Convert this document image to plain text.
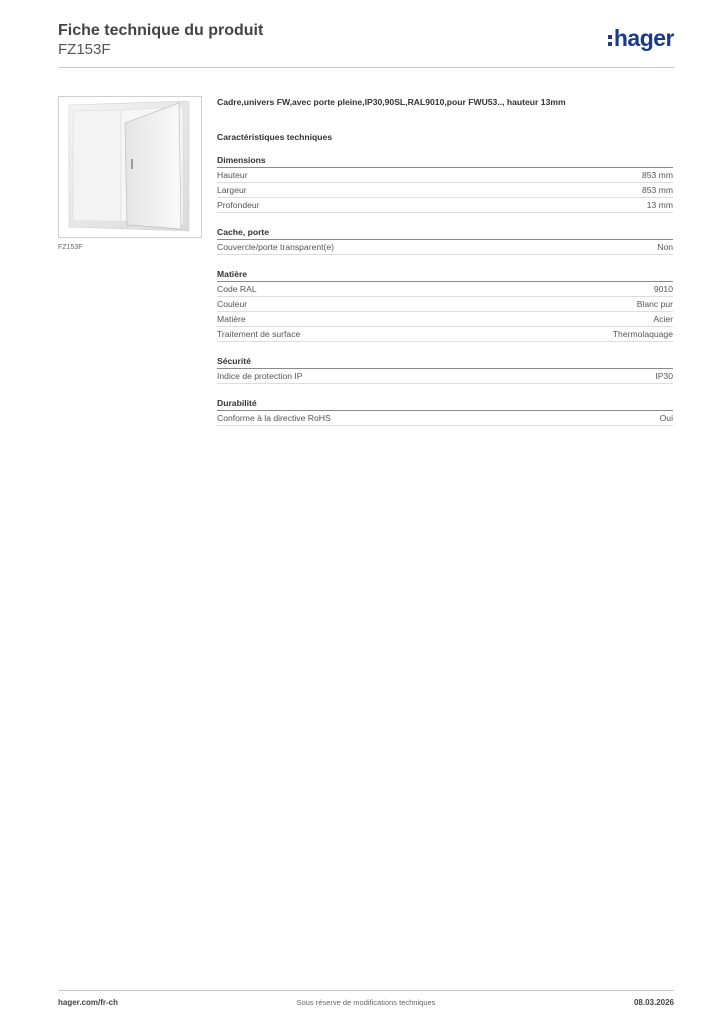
Fiche technique du produit
FZ153F	hager
FZ153F
Cadre,univers FW,avec porte pleine,IP30,90SL,RAL9010,pour FWU53.., hauteur 13mm
Caractéristiques techniques
Dimensions
Hauteur	853 mm
Largeur	853 mm
Profondeur	13 mm
Cache, porte
Couvercle/porte transparent(e)	Non
Matière
Code RAL	9010
Couleur	Blanc pur
Matière	Acier
Traitement de surface	Thermolaquage
Sécurité
Indice de protection IP	IP30
Durabilité
Conforme à la directive RoHS	Oui
hager.com/fr-ch	Sous réserve de modifications techniques	08.03.2026
